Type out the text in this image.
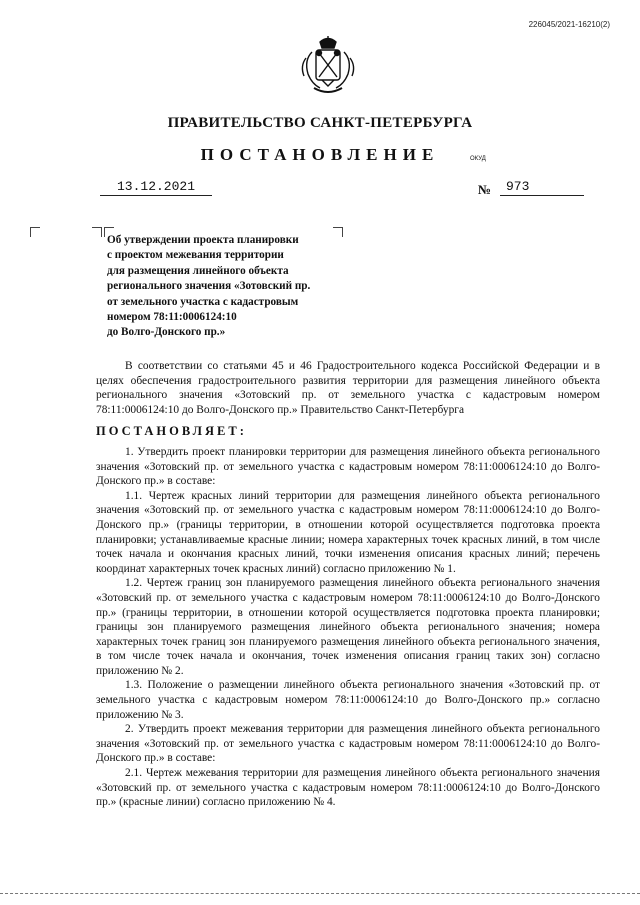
226045/2021-16210(2)
ПРАВИТЕЛЬСТВО САНКТ-ПЕТЕРБУРГА
ПОСТАНОВЛЕНИЕ	ОКУД
13.12.2021	№	973
Об утверждении проекта планировки
с проектом межевания территории
для размещения линейного объекта
регионального значения «Зотовский пр.
от земельного участка с кадастровым
номером 78:11:0006124:10
до Волго-Донского пр.»

В соответствии со статьями 45 и 46 Градостроительного кодекса Российской Федерации и в целях обеспечения градостроительного развития территории для размещения линейного объекта регионального значения «Зотовский пр. от земельного участка с кадастровым номером 78:11:0006124:10 до Волго-Донского пр.» Правительство Санкт-Петербурга

ПОСТАНОВЛЯЕТ:

1. Утвердить проект планировки территории для размещения линейного объекта регионального значения «Зотовский пр. от земельного участка с кадастровым номером 78:11:0006124:10 до Волго-Донского пр.» в составе:

1.1. Чертеж красных линий территории для размещения линейного объекта регионального значения «Зотовский пр. от земельного участка с кадастровым номером 78:11:0006124:10 до Волго-Донского пр.» (границы территории, в отношении которой осуществляется подготовка проекта планировки; устанавливаемые красные линии; номера характерных точек красных линий, в том числе точек начала и окончания красных линий, точки изменения описания красных линий; перечень координат характерных точек красных линий) согласно приложению № 1.

1.2. Чертеж границ зон планируемого размещения линейного объекта регионального значения «Зотовский пр. от земельного участка с кадастровым номером 78:11:0006124:10 до Волго-Донского пр.» (границы территории, в отношении которой осуществляется подготовка проекта планировки; границы зон планируемого размещения линейного объекта регионального значения; номера характерных точек границ зон планируемого размещения линейного объекта регионального значения, в том числе точек начала и окончания, точек изменения описания границ таких зон) согласно приложению № 2.

1.3. Положение о размещении линейного объекта регионального значения «Зотовский пр. от земельного участка с кадастровым номером 78:11:0006124:10 до Волго-Донского пр.» согласно приложению № 3.

2. Утвердить проект межевания территории для размещения линейного объекта регионального значения «Зотовский пр. от земельного участка с кадастровым номером 78:11:0006124:10 до Волго-Донского пр.» в составе:

2.1. Чертеж межевания территории для размещения линейного объекта регионального значения «Зотовский пр. от земельного участка с кадастровым номером 78:11:0006124:10 до Волго-Донского пр.» (красные линии) согласно приложению № 4.
